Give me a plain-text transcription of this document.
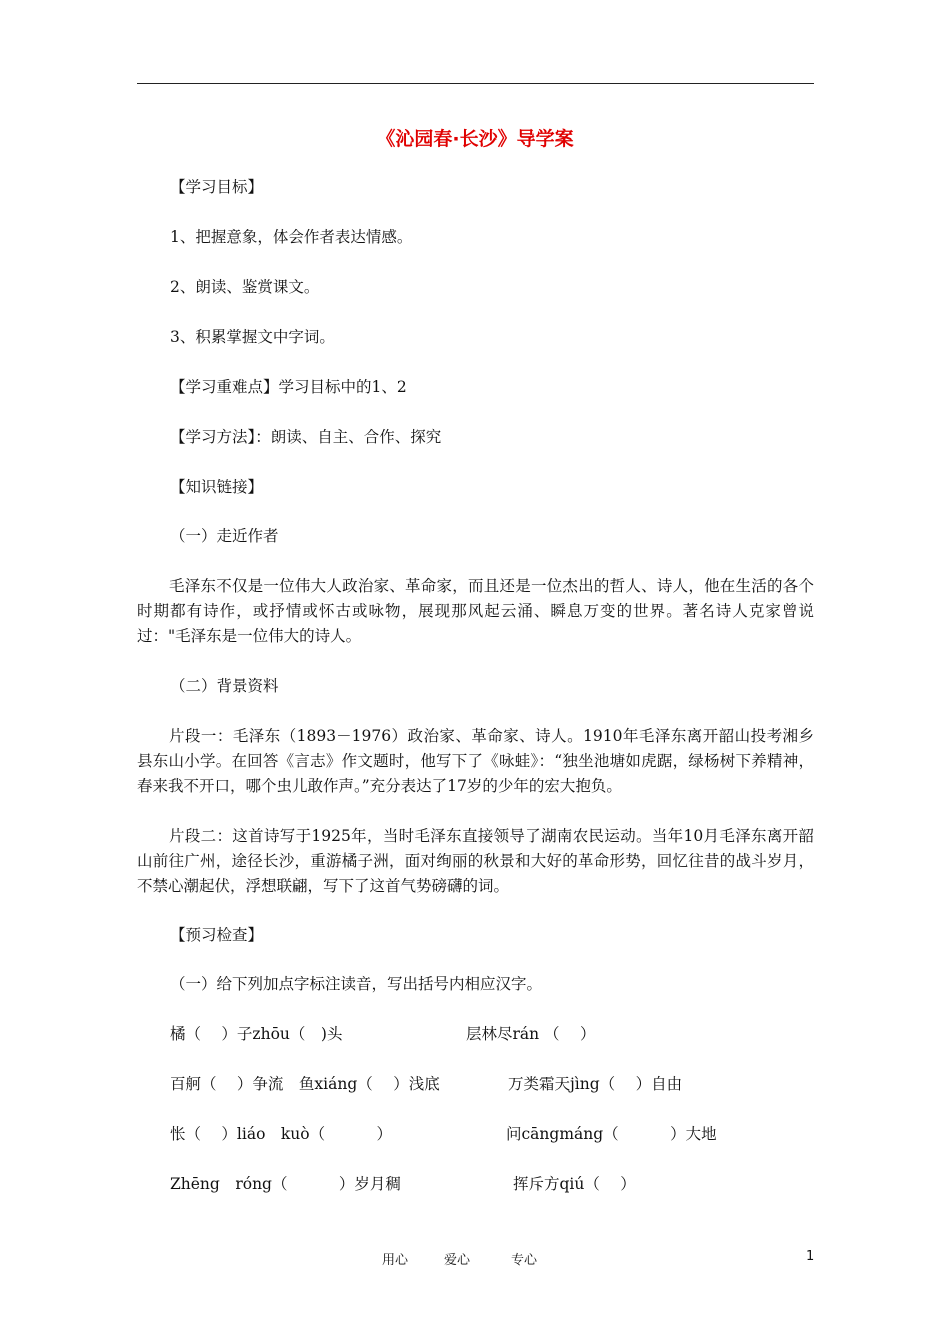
《沁园春·长沙》导学案
【学习目标】
1、把握意象，体会作者表达情感。
2、朗读、鉴赏课文。
3、积累掌握文中字词。
【学习重难点】学习目标中的1、2
【学习方法】：朗读、自主、合作、探究
【知识链接】
（一）走近作者
毛泽东不仅是一位伟大人政治家、革命家，而且还是一位杰出的哲人、诗人，他在生活的各个时期都有诗作，或抒情或怀古或咏物，展现那风起云涌、瞬息万变的世界。著名诗人克家曾说过："毛泽东是一位伟大的诗人。
（二）背景资料
片段一：毛泽东（1893－1976）政治家、革命家、诗人。1910年毛泽东离开韶山投考湘乡县东山小学。在回答《言志》作文题时，他写下了《咏蛙》：“独坐池塘如虎踞，绿杨树下养精神，春来我不开口，哪个虫儿敢作声。”充分表达了17岁的少年的宏大抱负。
片段二：这首诗写于1925年，当时毛泽东直接领导了湖南农民运动。当年10月毛泽东离开韶山前往广州，途径长沙，重游橘子洲，面对绚丽的秋景和大好的革命形势，回忆往昔的战斗岁月，不禁心潮起伏，浮想联翩，写下了这首气势磅礴的词。
【预习检查】
（一）给下列加点字标注读音，写出括号内相应汉字。
橘（　 ）子zhōu（　)头	层林尽rán （　 ）
百舸（　 ）争流　鱼xiáng（　 ）浅底	万类霜天jìng（　 ）自由
怅（　 ）liáo　kuò（　　　 ）	问cāngmáng（　　　 ）大地
Zhēng　róng（　　　 ）岁月稠	挥斥方qiú（　 ）
用心	爱心	专心	1
